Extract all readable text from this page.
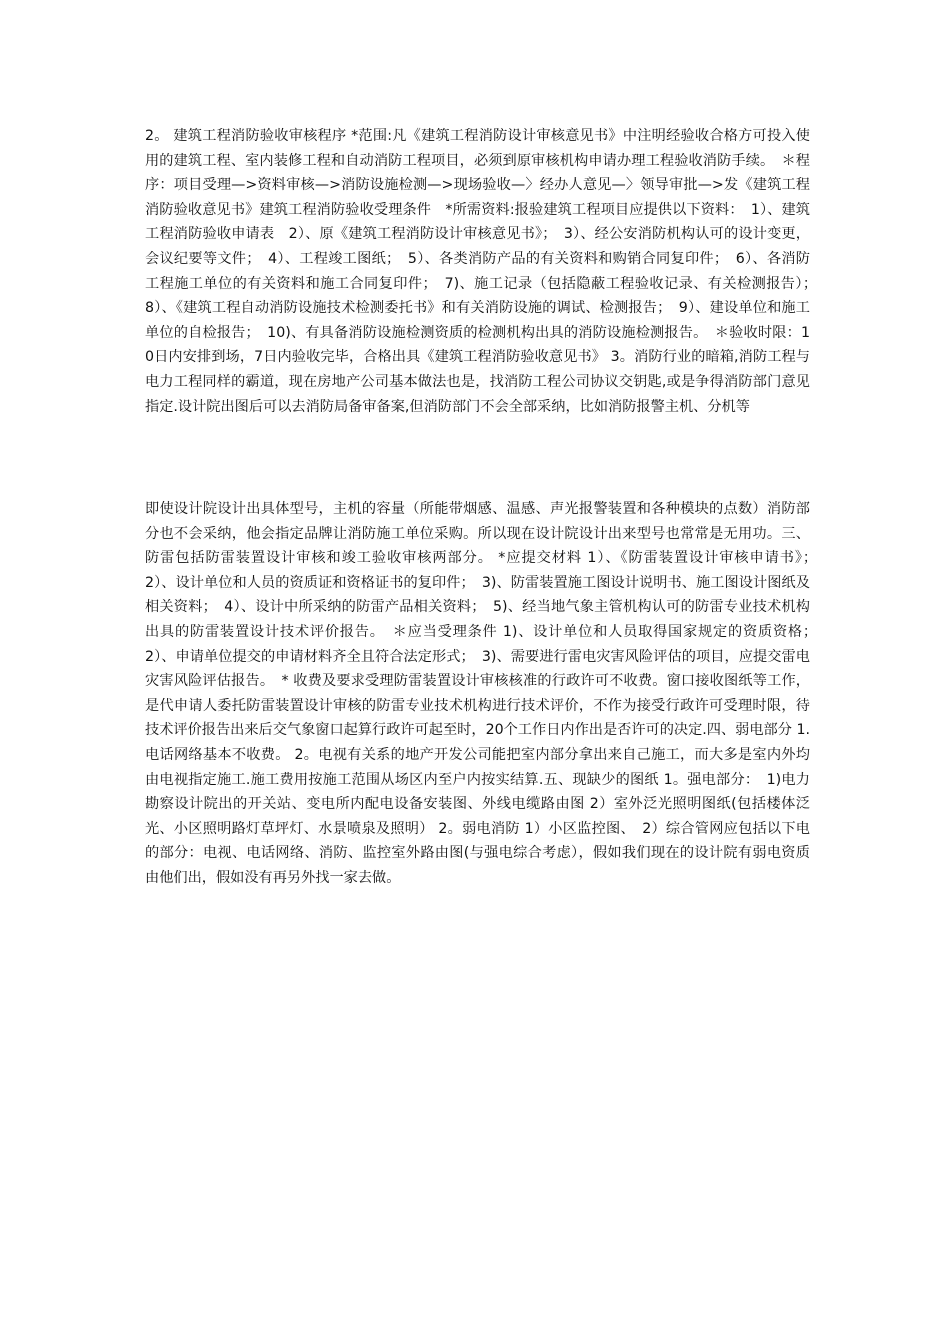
2。 建筑工程消防验收审核程序 *范围:凡《建筑工程消防设计审核意见书》中注明经验收合格方可投入使用的建筑工程、室内装修工程和自动消防工程项目，必须到原审核机构申请办理工程验收消防手续。　＊程序：项目受理—>资料审核—>消防设施检测—>现场验收—〉经办人意见—〉领导审批—>发《建筑工程消防验收意见书》建筑工程消防验收受理条件　*所需资料:报验建筑工程项目应提供以下资料：　1）、建筑工程消防验收申请表　2）、原《建筑工程消防设计审核意见书》；　3）、经公安消防机构认可的设计变更，会议纪要等文件；　4）、工程竣工图纸；　5）、各类消防产品的有关资料和购销合同复印件；　6）、各消防工程施工单位的有关资料和施工合同复印件；　7)、施工记录（包括隐蔽工程验收记录、有关检测报告）；　8）、《建筑工程自动消防设施技术检测委托书》和有关消防设施的调试、检测报告；　9）、建设单位和施工单位的自检报告；　10)、有具备消防设施检测资质的检测机构出具的消防设施检测报告。　＊验收时限：10日内安排到场，7日内验收完毕，合格出具《建筑工程消防验收意见书》 3。消防行业的暗箱,消防工程与电力工程同样的霸道，现在房地产公司基本做法也是，找消防工程公司协议交钥匙,或是争得消防部门意见指定.设计院出图后可以去消防局备审备案,但消防部门不会全部采纳，比如消防报警主机、分机等
即使设计院设计出具体型号，主机的容量（所能带烟感、温感、声光报警装置和各种模块的点数）消防部分也不会采纳，他会指定品牌让消防施工单位采购。所以现在设计院设计出来型号也常常是无用功。三、防雷包括防雷装置设计审核和竣工验收审核两部分。 *应提交材料 1）、《防雷装置设计审核申请书》；　2）、设计单位和人员的资质证和资格证书的复印件；　3)、防雷装置施工图设计说明书、施工图设计图纸及相关资料；　4）、设计中所采纳的防雷产品相关资料；　5)、经当地气象主管机构认可的防雷专业技术机构出具的防雷装置设计技术评价报告。　＊应当受理条件 1)、设计单位和人员取得国家规定的资质资格；　2）、申请单位提交的申请材料齐全且符合法定形式；　3)、需要进行雷电灾害风险评估的项目，应提交雷电灾害风险评估报告。　* 收费及要求受理防雷装置设计审核核准的行政许可不收费。窗口接收图纸等工作，是代申请人委托防雷装置设计审核的防雷专业技术机构进行技术评价，不作为接受行政许可受理时限，待技术评价报告出来后交气象窗口起算行政许可起至时，20个工作日内作出是否许可的决定.四、弱电部分 1.电话网络基本不收费。 2。电视有关系的地产开发公司能把室内部分拿出来自己施工，而大多是室内外均由电视指定施工.施工费用按施工范围从场区内至户内按实结算.五、现缺少的图纸 1。强电部分：　1)电力勘察设计院出的开关站、变电所内配电设备安装图、外线电缆路由图 2）室外泛光照明图纸(包括楼体泛光、小区照明路灯草坪灯、水景喷泉及照明） 2。弱电消防 1）小区监控图、　2）综合管网应包括以下电的部分：电视、电话网络、消防、监控室外路由图(与强电综合考虑），假如我们现在的设计院有弱电资质由他们出，假如没有再另外找一家去做。
